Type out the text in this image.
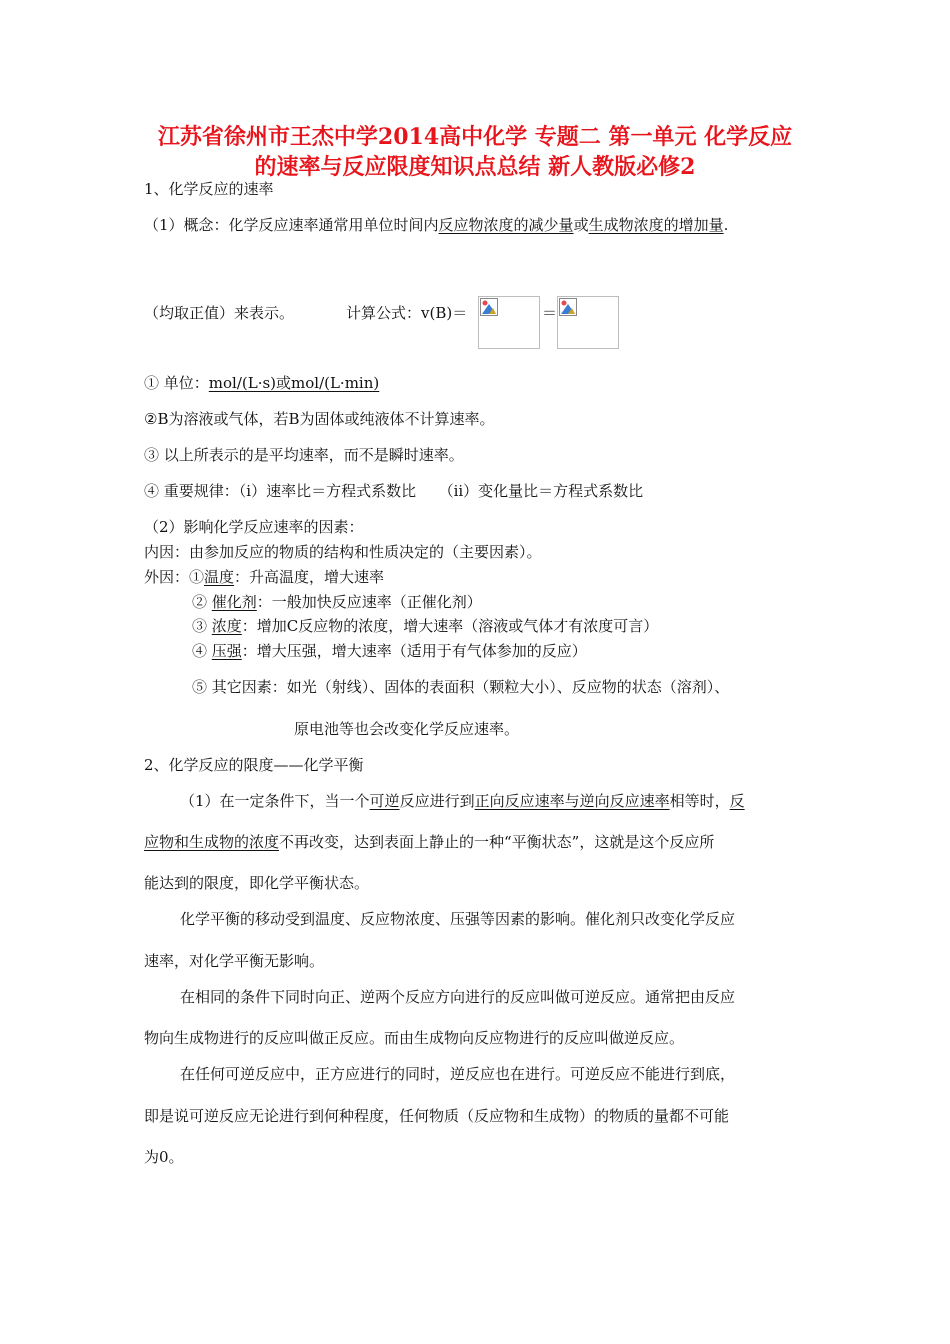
江苏省徐州市王杰中学2014高中化学 专题二 第一单元 化学反应
的速率与反应限度知识点总结 新人教版必修2
1、化学反应的速率
（1）概念：化学反应速率通常用单位时间内反应物浓度的减少量或生成物浓度的增加量.
（均取正值）来表示。	计算公式：v(B)＝	＝
① 单位：mol/(L·s)或mol/(L·min)
②B为溶液或气体，若B为固体或纯液体不计算速率。
③ 以上所表示的是平均速率，而不是瞬时速率。
④ 重要规律：（i）速率比＝方程式系数比　　（ii）变化量比＝方程式系数比
（2）影响化学反应速率的因素：
内因：由参加反应的物质的结构和性质决定的（主要因素）。
外因：①温度：升高温度，增大速率
② 催化剂：一般加快反应速率（正催化剂）
③ 浓度：增加C反应物的浓度，增大速率（溶液或气体才有浓度可言）
④ 压强：增大压强，增大速率（适用于有气体参加的反应）
⑤ 其它因素：如光（射线）、固体的表面积（颗粒大小）、反应物的状态（溶剂）、
原电池等也会改变化学反应速率。
2、化学反应的限度——化学平衡
（1）在一定条件下，当一个可逆反应进行到正向反应速率与逆向反应速率相等时，反
应物和生成物的浓度不再改变，达到表面上静止的一种“平衡状态”，这就是这个反应所
能达到的限度，即化学平衡状态。
化学平衡的移动受到温度、反应物浓度、压强等因素的影响。催化剂只改变化学反应
速率，对化学平衡无影响。
在相同的条件下同时向正、逆两个反应方向进行的反应叫做可逆反应。通常把由反应
物向生成物进行的反应叫做正反应。而由生成物向反应物进行的反应叫做逆反应。
在任何可逆反应中，正方应进行的同时，逆反应也在进行。可逆反应不能进行到底，
即是说可逆反应无论进行到何种程度，任何物质（反应物和生成物）的物质的量都不可能
为0。
